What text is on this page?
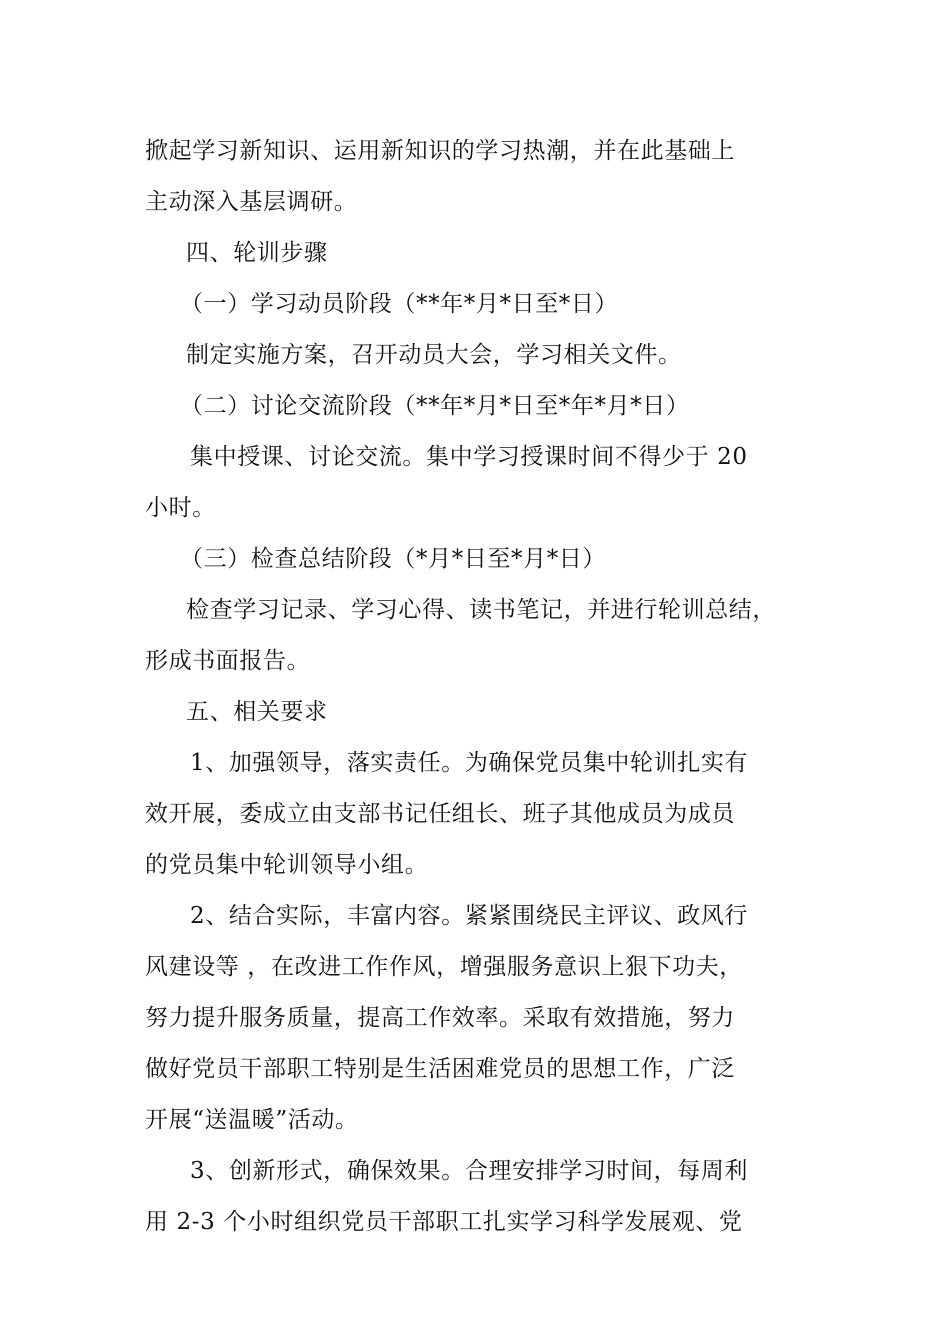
掀起学习新知识、运用新知识的学习热潮，并在此基础上
主动深入基层调研。
四、轮训步骤
（一）学习动员阶段（**年*月*日至*日）
制定实施方案，召开动员大会，学习相关文件。
（二）讨论交流阶段（**年*月*日至*年*月*日）
集中授课、讨论交流。集中学习授课时间不得少于 20
小时。
（三）检查总结阶段（*月*日至*月*日）
检查学习记录、学习心得、读书笔记，并进行轮训总结，
形成书面报告。
五、相关要求
1、加强领导，落实责任。为确保党员集中轮训扎实有
效开展，委成立由支部书记任组长、班子其他成员为成员
的党员集中轮训领导小组。
2、结合实际，丰富内容。紧紧围绕民主评议、政风行
风建设等 ，在改进工作作风，增强服务意识上狠下功夫，
努力提升服务质量，提高工作效率。采取有效措施，努力
做好党员干部职工特别是生活困难党员的思想工作，广泛
开展“送温暖”活动。
3、创新形式，确保效果。合理安排学习时间，每周利
用 2-3 个小时组织党员干部职工扎实学习科学发展观、党
